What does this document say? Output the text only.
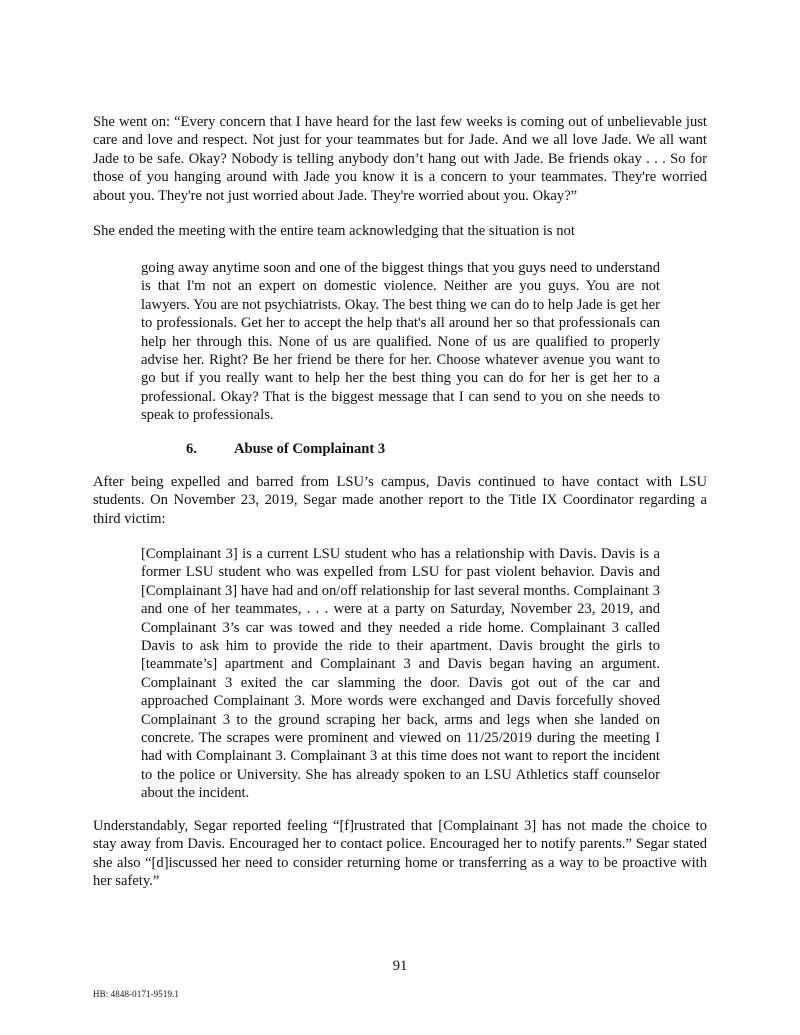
She went on: “Every concern that I have heard for the last few weeks is coming out of unbelievable just care and love and respect. Not just for your teammates but for Jade. And we all love Jade. We all want Jade to be safe. Okay? Nobody is telling anybody don’t hang out with Jade. Be friends okay . . . So for those of you hanging around with Jade you know it is a concern to your teammates. They're worried about you. They're not just worried about Jade. They're worried about you. Okay?”

She ended the meeting with the entire team acknowledging that the situation is not

going away anytime soon and one of the biggest things that you guys need to understand is that I'm not an expert on domestic violence. Neither are you guys. You are not lawyers. You are not psychiatrists. Okay. The best thing we can do to help Jade is get her to professionals. Get her to accept the help that's all around her so that professionals can help her through this. None of us are qualified. None of us are qualified to properly advise her. Right? Be her friend be there for her. Choose whatever avenue you want to go but if you really want to help her the best thing you can do for her is get her to a professional. Okay? That is the biggest message that I can send to you on she needs to speak to professionals.

6.	Abuse of Complainant 3

After being expelled and barred from LSU’s campus, Davis continued to have contact with LSU students. On November 23, 2019, Segar made another report to the Title IX Coordinator regarding a third victim:

[Complainant 3] is a current LSU student who has a relationship with Davis. Davis is a former LSU student who was expelled from LSU for past violent behavior. Davis and [Complainant 3] have had and on/off relationship for last several months. Complainant 3 and one of her teammates, . . . were at a party on Saturday, November 23, 2019, and Complainant 3’s car was towed and they needed a ride home. Complainant 3 called Davis to ask him to provide the ride to their apartment. Davis brought the girls to [teammate’s] apartment and Complainant 3 and Davis began having an argument. Complainant 3 exited the car slamming the door. Davis got out of the car and approached Complainant 3. More words were exchanged and Davis forcefully shoved Complainant 3 to the ground scraping her back, arms and legs when she landed on concrete. The scrapes were prominent and viewed on 11/25/2019 during the meeting I had with Complainant 3. Complainant 3 at this time does not want to report the incident to the police or University. She has already spoken to an LSU Athletics staff counselor about the incident.

Understandably, Segar reported feeling “[f]rustrated that [Complainant 3] has not made the choice to stay away from Davis. Encouraged her to contact police. Encouraged her to notify parents.” Segar stated she also “[d]iscussed her need to consider returning home or transferring as a way to be proactive with her safety.”

91

HB: 4848-0171-9519.1
